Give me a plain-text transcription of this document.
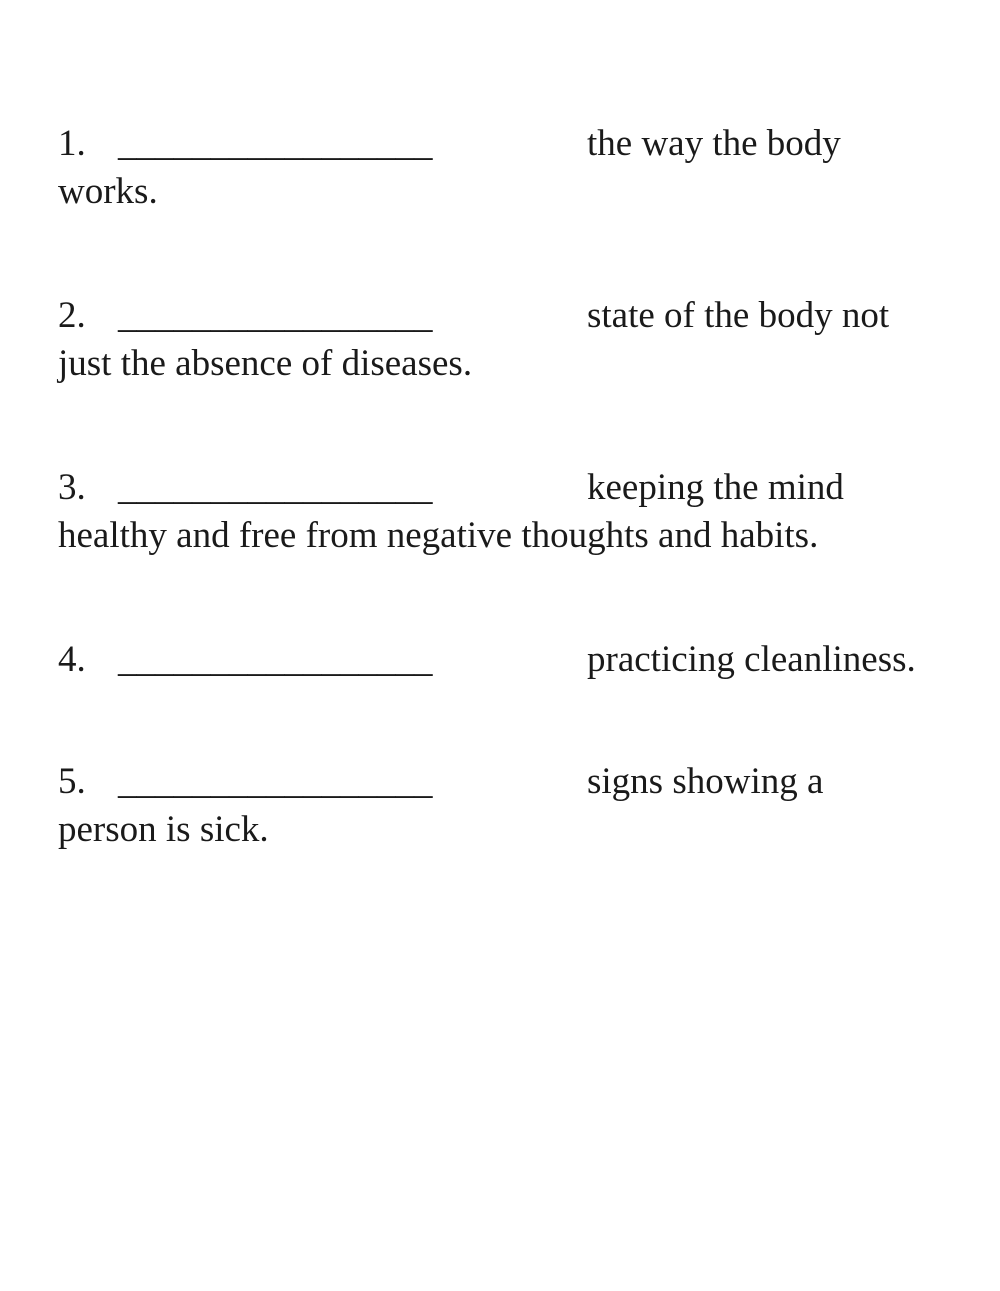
1. _________________	the way the body
works.
2. _________________	state of the body not
just the absence of diseases.
3. _________________	keeping the mind
healthy and free from negative thoughts and habits.
4. _________________	practicing cleanliness.
5. _________________	signs showing a
person is sick.
